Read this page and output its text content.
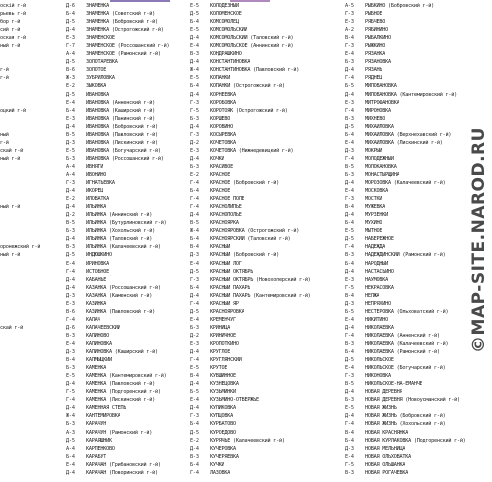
оскій г-й
рьевь г-й
бор г-й
сий г-й
оская г-й
ный г-й
г-й
г-й
оцкий г-й
ный
г-й
скай г-й
ный г-й
ный г-й
оронежский г-й
ный г-й
скай г-й
Д-6	ЗНАМЕНКА
Б-4	ЗНАМЕНКА (Советский г-й)
Д-5	ЗНАМЕНКА (Бобровский г-й)
Д-4	ЗНАМЕНКА (Острогожский г-й)
Е-3	ЗНАМЕНСКОЕ
Г-7	ЗНАМЕНСКОЕ (Россошанский г-й)
А-4	ЗНАМЕНСКОЕ (Рамонский г-й)
Д-5	ЗОЛОТАРЕВКА
В-6	ЗОЛОТОЕ
Ж-3	ЗУБРИЛОВКА
Е-2	ЗЫКОВКА
Д-5	ИВАНОВКА
Е-4	ИВАНОВКА (Анненский г-й)
Б-4	ИВАНОВКА (Каширский г-й)
Е-3	ИВАНОВКА (Панинский г-й)
Д-4	ИВАНОВКА (Бобровский г-й)
В-5	ИВАНОВКА (Павловский г-й)
Д-3	ИВАНОВКА (Лискинский г-й)
Е-5	ИВАНОВКА (Богучарский г-й)
Б-3	ИВАНОВКА (Россошанский г-й)
А-4	ИВНЯГИ
А-4	ИВОНИНО
Г-3	ИГНАТЬЕВКА
Д-4	ИКОРЕЦ
Е-2	ИЛОВАТКА
Д-4	ИЛЬИНКА
Д-2	ИЛЬИНКА (Аннинский г-й)
В-5	ИЛЬИНКА (Бутурлиновский г-й)
Б-3	ИЛЬИНКА (Хохольский г-й)
Д-4	ИЛЬИНКА (Таловский г-й)
В-3	ИЛЬИНКА (Калачеевский г-й)
Д-5	ИНДЮШКИНО
Е-4	ИРИНОВКА
Г-4	ИСТОБНОЕ
Д-4	КАБАНЬЕ
Д-4	КАЗАНКА (Россошанский г-й)
Д-3	КАЗАНКА (Каменский г-й)
Е-3	КАЗИНКА
В-6	КАЗИНКА (Павловский г-й)
Г-4	КАЛАЧ
Д-6	КАЛАЧЕЕВСКИЙ
В-3	КАЛИНОВО
Е-4	КАЛИНОВКА
Д-3	КАЛИНОВКА (Каширский г-й)
В-4	КАЛМЫЦКИЙ
Б-3	КАМЕНКА
Е-5	КАМЕНКА (Кантемировский г-й)
Д-4	КАМЕНКА (Павловский г-й)
Г-5	КАМЕНКА (Подгоренский г-й)
Г-4	КАМЕНКА (Лискинский г-й)
Д-4	КАМЕННАЯ СТЕПЬ
Ж-4	КАНТЕМИРОВКА
Б-3	КАРАЧУН
А-3	КАРАЧУН (Рамонский г-й)
Д-5	КАРАЯШНИК
А-4	КАРПЕНКОВО
Б-4	КАРАБУТ
Е-4	КАРАЧАН (Грибановский г-й)
Д-4	КАРАЧАН (Поворинский г-й)
Е-5	КОЛОДЕЗНЫЙ
Д-5	КОЛОМЕНСКОЕ
Б-4	КОМСОМОЛЕЦ
Е-5	КОМСОМОЛЬСКИЙ
Д-4	КОМСОМОЛЬСКИЙ (Таловский г-й)
Е-4	КОМСОМОЛЬСКОЕ (Аннинский г-й)
В-3	КОНДРАШКИНО
Д-4	КОНСТАНТИНОВКА
Ж-4	КОНСТАНТИНОВКА (Павловский г-й)
Е-5	КОПАНКИ
Б-4	КОПАНКИ (Острогожский г-й)
Д-4	КОРНЕЕВКА
Г-3	КОРОБОВКА
Г-5	КОРОТОЯК (Острогожский г-й)
Б-3	КОРШЕВО
Д-4	КОРОВИНО
Г-3	КОСЫРЕВКА
Д-2	КОЧЕТОВКА
Е-3	КОЧЕТОВКА (Нижнедевицкий г-й)
Д-4	КОЧКИ
Б-3	КРАСИВОЕ
Е-2	КРАСНОЕ
Г-4	КРАСНОЕ (Бобровский г-й)
Б-4	КРАСНОЕ
Г-4	КРАСНОЕ ПОЛЕ
Г-4	КРАСНОЛИПЬЕ
Д-4	КРАСНОПОЛЬЕ
В-5	КРАСНОЯРКА
Ж-4	КРАСНОЯРОВКА (Острогожский г-й)
Б-4	КРАСНОЯРСКИЙ (Таловский г-й)
В-4	КРАСНЫЙ
Д-3	КРАСНЫЙ (Бобровский г-й)
Е-4	КРАСНЫЙ ЛОГ
Д-5	КРАСНЫЙ ОКТЯБРЬ
Г-3	КРАСНЫЙ ОКТЯБРЬ (Новохоперский г-й)
Б-4	КРАСНЫЙ ПАХАРЬ
Д-4	КРАСНЫЙ ПАХАРЬ (Кантемировский г-й)
Г-4	КРАСНЫЙ ЯР
Д-5	КРАСНОЯРОВКА
Е-4	КРЕМЕНЧУГ
Б-3	КРИНИЦА
Д-2	КРИНИЧНОЕ
Е-3	КРОПОТКИНО
Д-4	КРУГЛОЕ
Г-4	КРУГЛЯНСКИЙ
Е-5	КРУТОЕ
В-4	КУВШИННОЕ
Д-4	КУЗНЕЦОВКА
Б-5	КУЗЬМИНКИ
Е-4	КУЗЬМИНО-ОТВЕРЖЬЕ
Д-4	КУЛИКОВКА
Г-3	КУПЦОВКА
Б-4	КУРБАТОВО
Д-5	КУРОЕДОВО
Е-2	КУРЯЧЬЕ (Калачеевский г-й)
Д-4	КУЧЕРОВКА
В-3	КУЧЕРЯЕВКА
Б-4	КУЧКИ
Г-4	ЛАЗОВКА
А-5	РЫБКИНО (Бобровский г-й)
Г-3	РЫБНОЕ
Е-3	РЯБЧЕВО
А-2	РЯБИНИНО
В-4	РЫБАЛКИНО
Г-3	РЫЖКИНО
Е-4	РЯЗАНКА
Б-3	РЯЗАНОВКА
Д-4	РЯЗАНЬ
Г-4	РЯДНЕЦ
Б-5	МИЛОВАНОВКА
Д-4	МИЛОВАНОВКА (Кантемировский г-й)
Е-3	МИТРОФАНОВКА
Г-4	МИРОНОВКА
В-3	МИХНЕВО
Д-5	МИХАЙЛОВКА
Б-4	МИХАЙЛОВКА (Верхнехавский г-й)
Е-4	МИХАЙЛОВКА (Лискинский г-й)
Д-3	МОКРЫЙ
Г-4	МОЛОДЕЖНЫЙ
В-5	МОЛОКАНОВКА
Б-3	МОНАСТЫРЩИНА
Д-4	МОРОЗОВКА (Калачеевский г-й)
Е-4	МОСКОВКА
Г-3	МОСТКИ
В-4	МУЖЕВКА
Д-4	МУРЗЕНКИ
Б-4	МУХИНО
Е-5	МЫТНОЕ
Д-5	НАБЕРЕЖНОЕ
Г-4	НАДЕЖДА
В-3	НАДЕЖДИНСКИЙ (Рамонский г-й)
Б-4	НАРОДНЫЙ
Д-4	НАСТАСЬИНО
Е-3	НАУМОВКА
Г-5	НЕКРАСОВКА
В-4	НЕЛЖА
Д-3	НЕПРЯХИНО
Б-5	НЕСТЕРОВКА (Ольховатский г-й)
Е-4	НИКИТИНО
Д-4	НИКОЛАЕВКА
Г-4	НИКОЛАЕВКА (Анненский г-й)
В-3	НИКОЛАЕВКА (Калачеевский г-й)
Б-4	НИКОЛАЕВКА (Рамонский г-й)
Д-5	НИКОЛЬСКОЕ
Е-4	НИКОЛЬСКОЕ (Богучарский г-й)
Г-3	НИКОНОВКА
В-5	НИКОЛЬСКОЕ-НА-ЕМАНЧЕ
Д-4	НОВАЯ ДЕРЕВНЯ
Б-3	НОВАЯ ДЕРЕВНЯ (Новоусманский г-й)
Е-5	НОВАЯ ЖИЗНЬ
Д-4	НОВАЯ ЖИЗНЬ (Бобровский г-й)
Г-4	НОВАЯ ЖИЗНЬ (Хохольский г-й)
В-4	НОВАЯ КРАСНЯНКА
Б-4	НОВАЯ КУРЛАКОВКА (Подгоренский г-й)
Д-3	НОВАЯ МЕЛЬНИЦА
Е-4	НОВАЯ ОЛЬХОВАТКА
Г-5	НОВАЯ ОЛЬШАНКА
В-3	НОВАЯ РОГАЧЕВКА
©MAP-SITE.NAROD.RU
